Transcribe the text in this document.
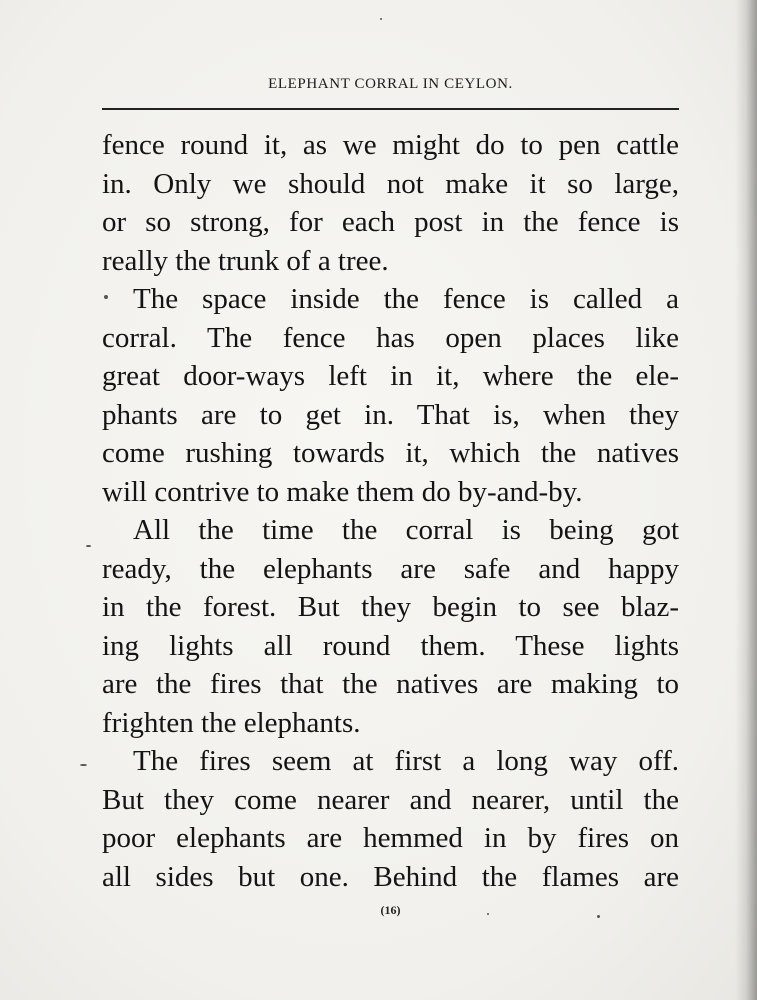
ELEPHANT CORRAL IN CEYLON.
fence round it, as we might do to pen cattle
in. Only we should not make it so large,
or so strong, for each post in the fence is
really the trunk of a tree.
The space inside the fence is called a
corral. The fence has open places like
great door-ways left in it, where the ele-
phants are to get in. That is, when they
come rushing towards it, which the natives
will contrive to make them do by-and-by.
All the time the corral is being got
ready, the elephants are safe and happy
in the forest. But they begin to see blaz-
ing lights all round them. These lights
are the fires that the natives are making to
frighten the elephants.
The fires seem at first a long way off.
But they come nearer and nearer, until the
poor elephants are hemmed in by fires on
all sides but one. Behind the flames are
(16)
